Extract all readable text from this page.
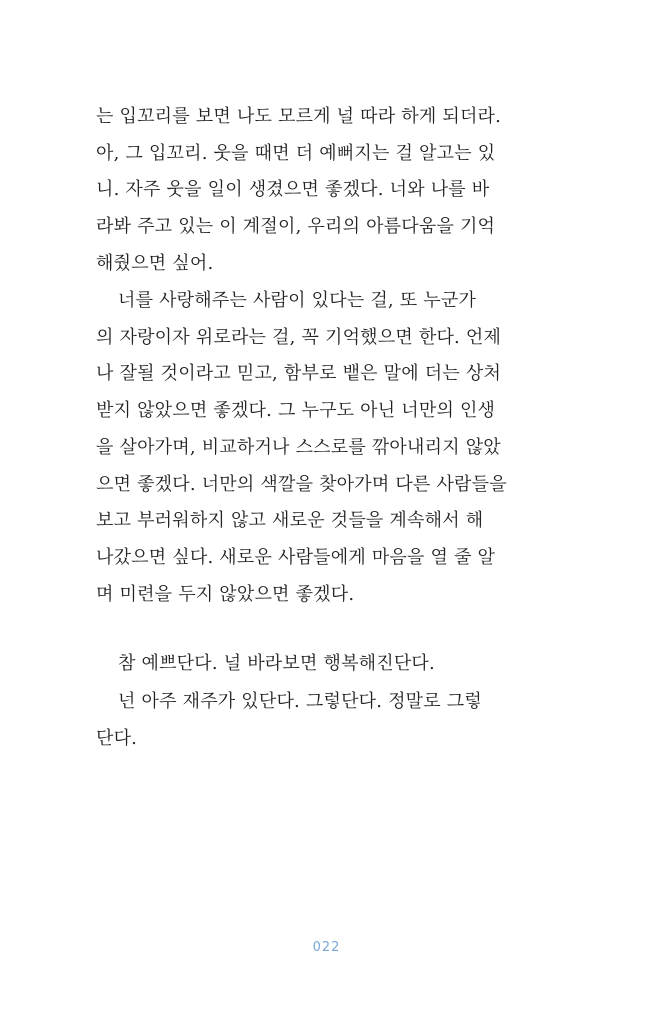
는 입꼬리를 보면 나도 모르게 널 따라 하게 되더라.
아, 그 입꼬리. 웃을 때면 더 예뻐지는 걸 알고는 있
니. 자주 웃을 일이 생겼으면 좋겠다. 너와 나를 바
라봐 주고 있는 이 계절이, 우리의 아름다움을 기억
해줬으면 싶어.
너를 사랑해주는 사람이 있다는 걸, 또 누군가
의 자랑이자 위로라는 걸, 꼭 기억했으면 한다. 언제
나 잘될 것이라고 믿고, 함부로 뱉은 말에 더는 상처
받지 않았으면 좋겠다. 그 누구도 아닌 너만의 인생
을 살아가며, 비교하거나 스스로를 깎아내리지 않았
으면 좋겠다. 너만의 색깔을 찾아가며 다른 사람들을
보고 부러워하지 않고 새로운 것들을 계속해서 해
나갔으면 싶다. 새로운 사람들에게 마음을 열 줄 알
며 미련을 두지 않았으면 좋겠다.
참 예쁘단다. 널 바라보면 행복해진단다.
넌 아주 재주가 있단다. 그렇단다. 정말로 그렇
단다.
022
